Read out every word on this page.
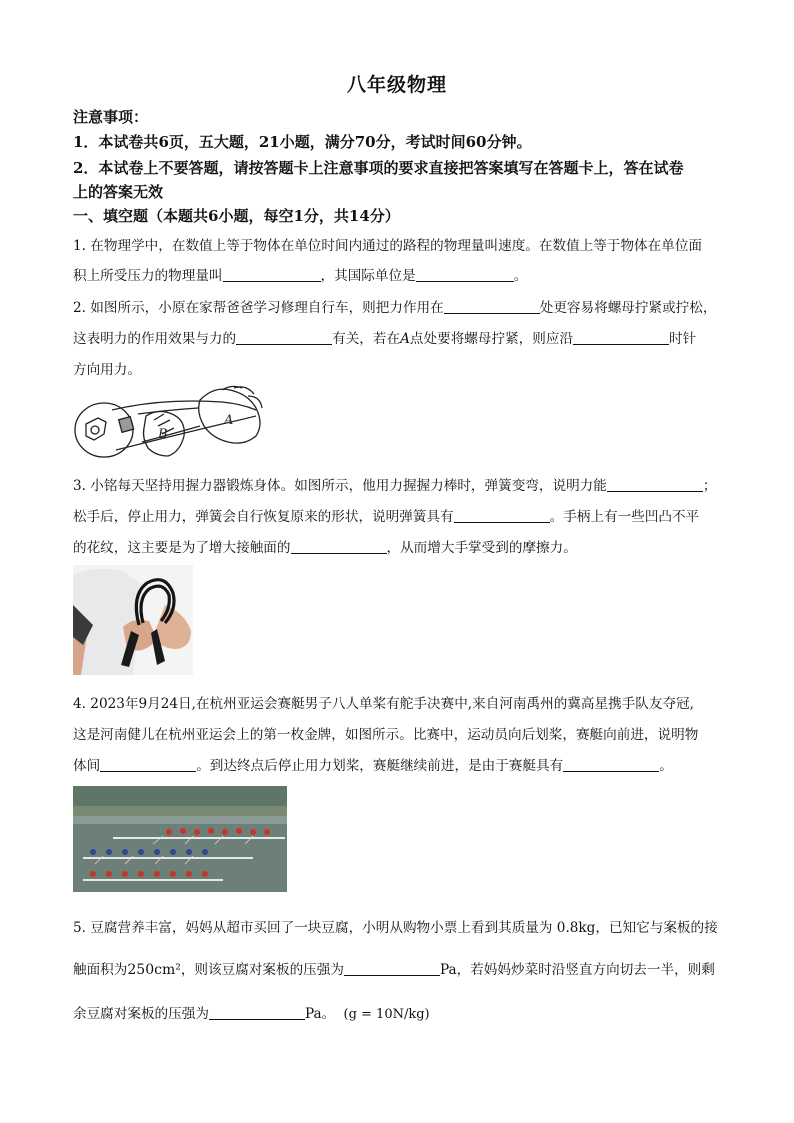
八年级物理
注意事项：
1．本试卷共6页，五大题，21小题，满分70分，考试时间60分钟。
2．本试卷上不要答题，请按答题卡上注意事项的要求直接把答案填写在答题卡上，答在试卷
上的答案无效
一、填空题（本题共6小题，每空1分，共14分）
1. 在物理学中，在数值上等于物体在单位时间内通过的路程的物理量叫速度。在数值上等于物体在单位面
积上所受压力的物理量叫	，其国际单位是	。
2. 如图所示，小原在家帮爸爸学习修理自行车，则把力作用在	处更容易将螺母拧紧或拧松，
这表明力的作用效果与力的	有关，若在A点处要将螺母拧紧，则应沿	时针
方向用力。
B
A
3. 小铭每天坚持用握力器锻炼身体。如图所示，他用力握握力棒时，弹簧变弯，说明力能	；
松手后，停止用力，弹簧会自行恢复原来的形状，说明弹簧具有	。手柄上有一些凹凸不平
的花纹，这主要是为了增大接触面的	，从而增大手掌受到的摩擦力。
4. 2023年9月24日,在杭州亚运会赛艇男子八人单桨有舵手决赛中,来自河南禹州的冀高星携手队友夺冠,
这是河南健儿在杭州亚运会上的第一枚金牌，如图所示。比赛中，运动员向后划桨，赛艇向前进，说明物
体间	。到达终点后停止用力划桨，赛艇继续前进，是由于赛艇具有	。
5. 豆腐营养丰富，妈妈从超市买回了一块豆腐，小明从购物小票上看到其质量为 0.8kg，已知它与案板的接
触面积为250cm²，则该豆腐对案板的压强为	Pa，若妈妈炒菜时沿竖直方向切去一半，则剩
余豆腐对案板的压强为	Pa。 (g = 10N/kg)
